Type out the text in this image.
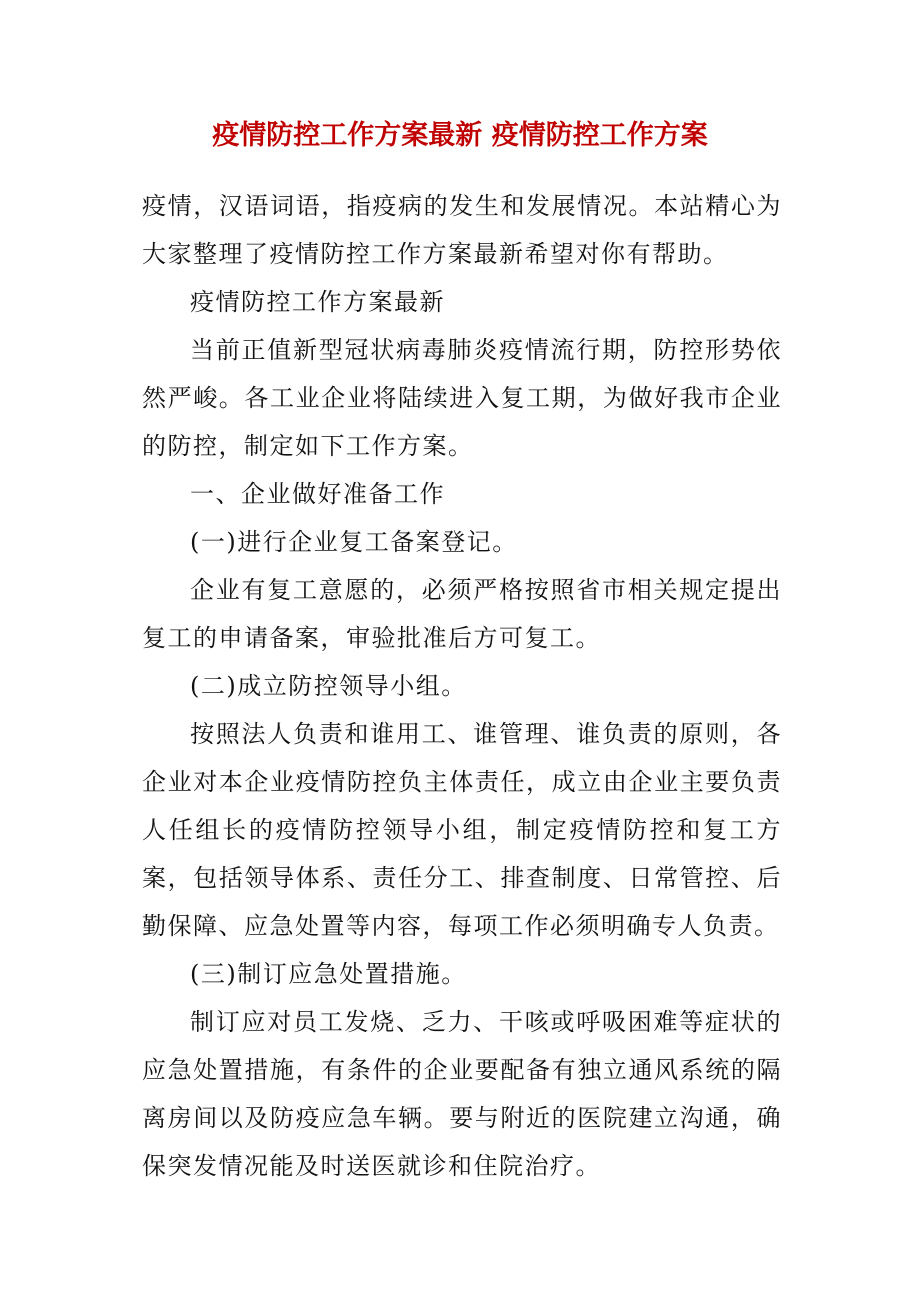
疫情防控工作方案最新 疫情防控工作方案

疫情，汉语词语，指疫病的发生和发展情况。本站精心为大家整理了疫情防控工作方案最新希望对你有帮助。

疫情防控工作方案最新

当前正值新型冠状病毒肺炎疫情流行期，防控形势依然严峻。各工业企业将陆续进入复工期，为做好我市企业的防控，制定如下工作方案。

一、企业做好准备工作

(一)进行企业复工备案登记。

企业有复工意愿的，必须严格按照省市相关规定提出复工的申请备案，审验批准后方可复工。

(二)成立防控领导小组。

按照法人负责和谁用工、谁管理、谁负责的原则，各企业对本企业疫情防控负主体责任，成立由企业主要负责人任组长的疫情防控领导小组，制定疫情防控和复工方案，包括领导体系、责任分工、排查制度、日常管控、后勤保障、应急处置等内容，每项工作必须明确专人负责。

(三)制订应急处置措施。

制订应对员工发烧、乏力、干咳或呼吸困难等症状的应急处置措施，有条件的企业要配备有独立通风系统的隔离房间以及防疫应急车辆。要与附近的医院建立沟通，确保突发情况能及时送医就诊和住院治疗。
